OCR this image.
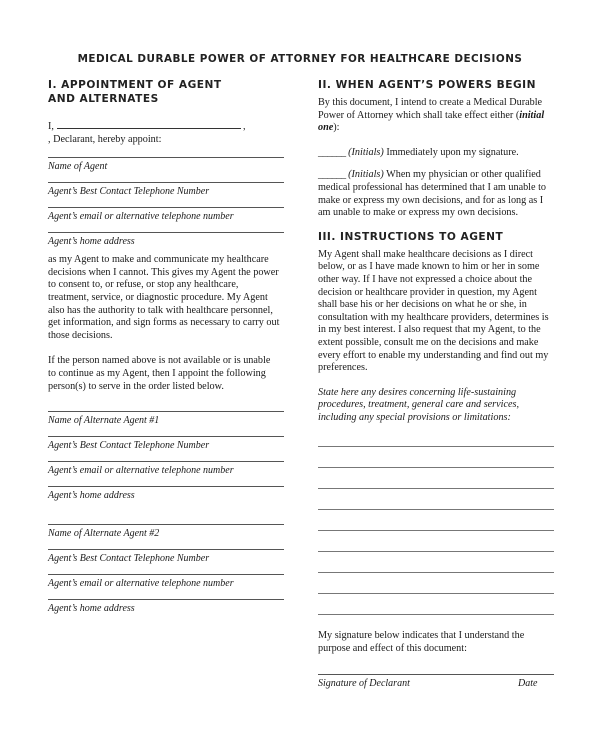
MEDICAL DURABLE POWER OF ATTORNEY FOR HEALTHCARE DECISIONS
I. APPOINTMENT OF AGENT AND ALTERNATES
I,	,

, Declarant, hereby appoint:

Name of Agent
Agent’s Best Contact Telephone Number
Agent’s email or alternative telephone number
Agent’s home address

as my Agent to make and communicate my healthcare decisions when I cannot. This gives my Agent the power to consent to, or refuse, or stop any healthcare, treatment, service, or diagnostic procedure. My Agent also has the authority to talk with healthcare personnel, get information, and sign forms as necessary to carry out those decisions.

If the person named above is not available or is unable to continue as my Agent, then I appoint the following person(s) to serve in the order listed below.

Name of Alternate Agent #1
Agent’s Best Contact Telephone Number
Agent’s email or alternative telephone number
Agent’s home address
Name of Alternate Agent #2
Agent’s Best Contact Telephone Number
Agent’s email or alternative telephone number
Agent’s home address
II. WHEN AGENT’S POWERS BEGIN

By this document, I intend to create a Medical Durable Power of Attorney which shall take effect either (initial one):

______ (Initials) Immediately upon my signature.

______ (Initials) When my physician or other qualified medical professional has determined that I am unable to make or express my own decisions, and for as long as I am unable to make or express my own decisions.

III. INSTRUCTIONS TO AGENT

My Agent shall make healthcare decisions as I direct below, or as I have made known to him or her in some other way. If I have not expressed a choice about the decision or healthcare provider in question, my Agent shall base his or her decisions on what he or she, in consultation with my healthcare providers, determines is in my best interest. I also request that my Agent, to the extent possible, consult me on the decisions and make every effort to enable my understanding and find out my preferences.

State here any desires concerning life-sustaining procedures, treatment, general care and services, including any special provisions or limitations:

My signature below indicates that I understand the purpose and effect of this document:

Signature of Declarant	Date
